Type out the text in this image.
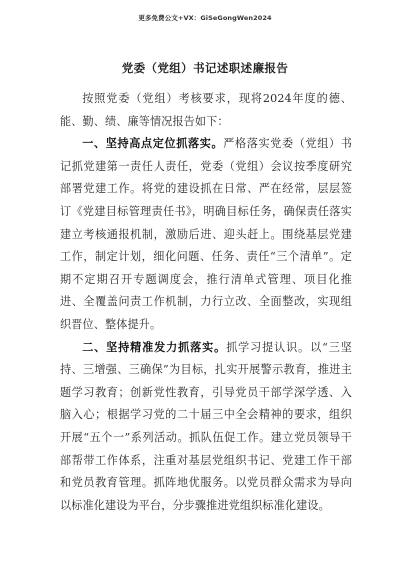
更多免费公文+VX：GiSeGongWen2024
党委（党组）书记述职述廉报告

按照党委（党组）考核要求，现将2024年度的德、能、勤、绩、廉等情况报告如下：

一、坚持高点定位抓落实。严格落实党委（党组）书记抓党建第一责任人责任，党委（党组）会议按季度研究部署党建工作。将党的建设抓在日常、严在经常，层层签订《党建目标管理责任书》，明确目标任务，确保责任落实建立考核通报机制，激励后进、迎头赶上。围绕基层党建工作，制定计划，细化问题、任务、责任“三个清单”。定期不定期召开专题调度会，推行清单式管理、项目化推进、全覆盖问责工作机制，力行立改、全面整改，实现组织晋位、整体提升。

二、坚持精准发力抓落实。抓学习提认识。以“三坚持、三增强、三确保”为目标，扎实开展警示教育，推进主题学习教育；创新党性教育，引导党员干部学深学透、入脑入心；根据学习党的二十届三中全会精神的要求，组织开展“五个一”系列活动。抓队伍促工作。建立党员领导干部帮带工作体系，注重对基层党组织书记、党建工作干部和党员教育管理。抓阵地优服务。以党员群众需求为导向以标准化建设为平台，分步骤推进党组织标准化建设。
